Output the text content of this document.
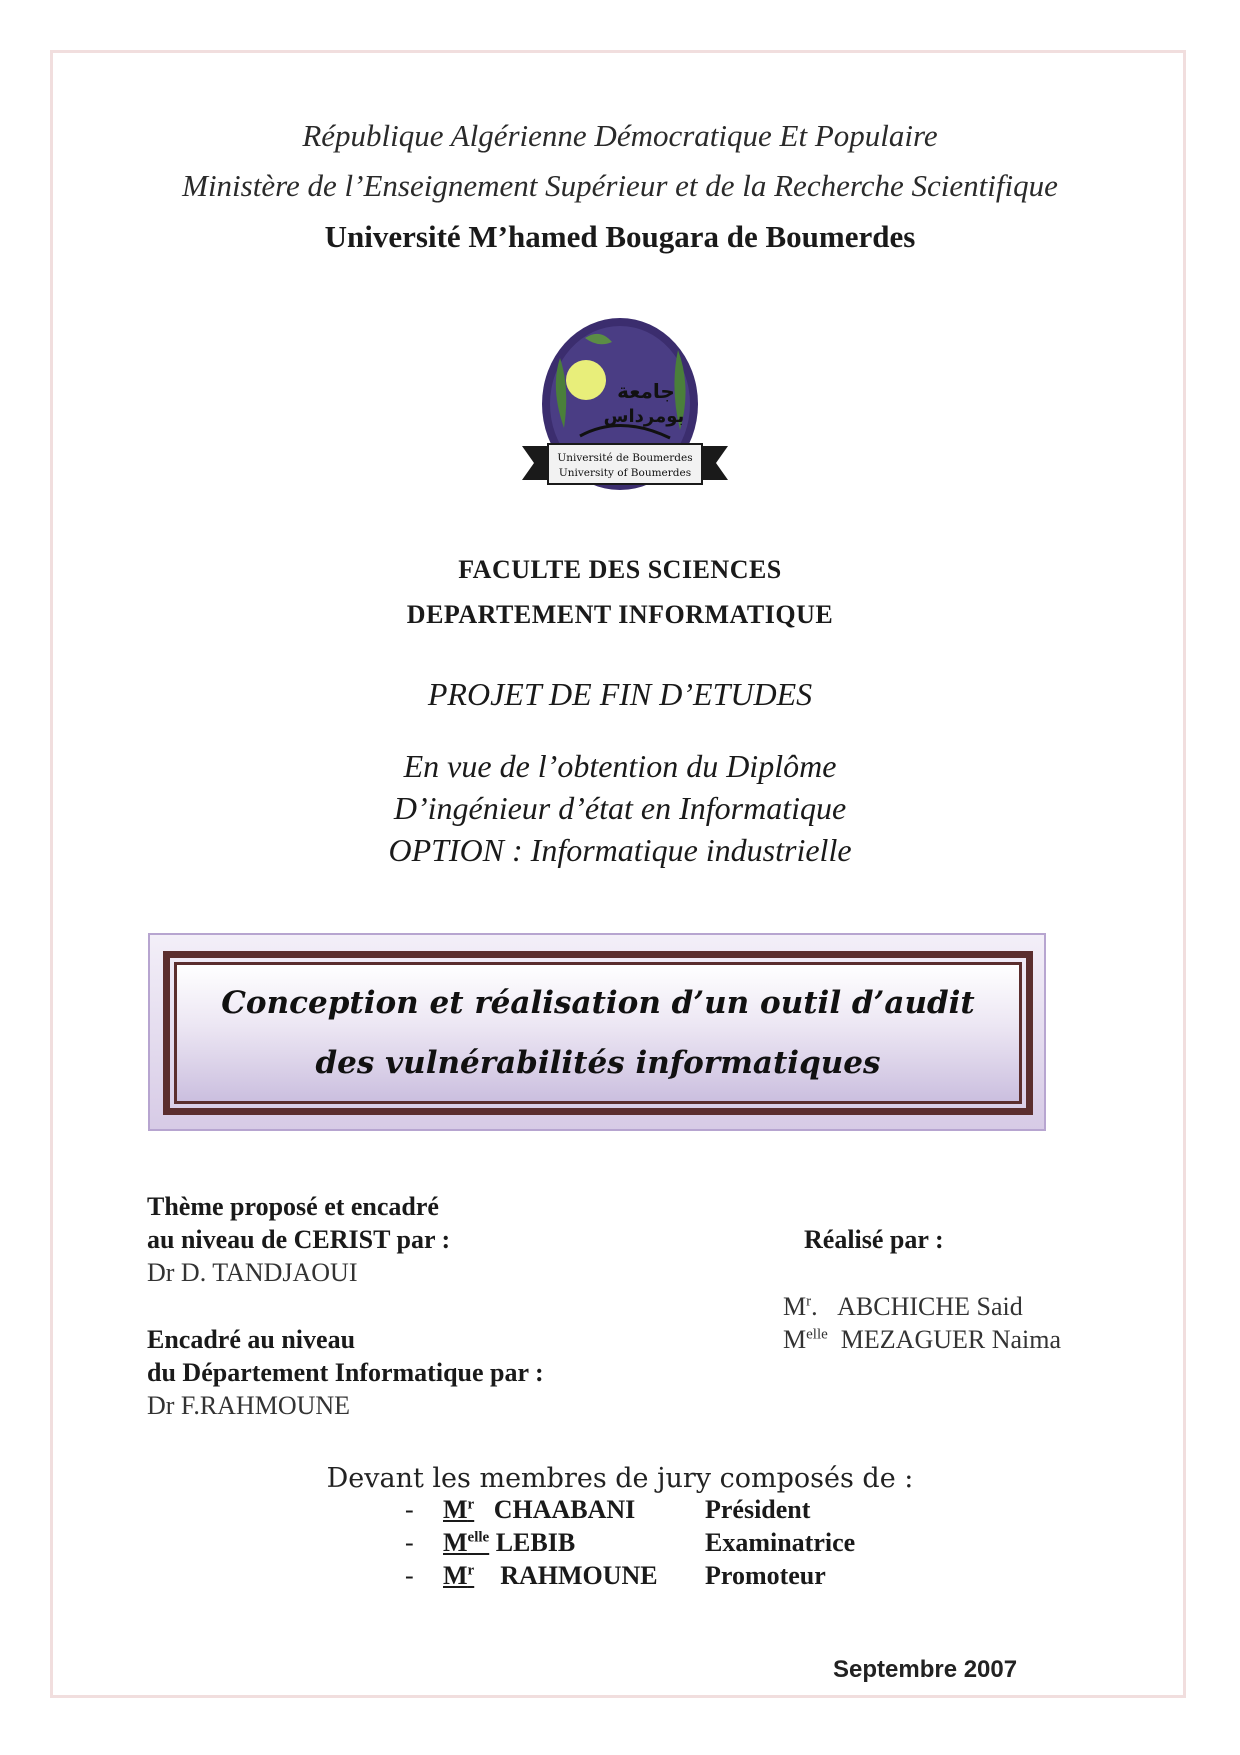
République Algérienne Démocratique Et Populaire
Ministère de l’Enseignement Supérieur et de la Recherche Scientifique
Université M’hamed Bougara de Boumerdes
جامعة
بومرداس
Université de Boumerdes
University of Boumerdes
FACULTE DES SCIENCES
DEPARTEMENT INFORMATIQUE
PROJET DE FIN D’ETUDES
En vue de l’obtention du Diplôme
D’ingénieur d’état en Informatique
OPTION : Informatique industrielle
Conception et réalisation d’un outil d’audit
des vulnérabilités informatiques
Thème proposé et encadré
au niveau de CERIST par :
Dr D. TANDJAOUI
Encadré au niveau
du Département Informatique par :
Dr F.RAHMOUNE
Réalisé par :
$M^r$.   ABCHICHE Said
$M^{elle}$ MEZAGUER Naima
Devant les membres de jury composés de :
- $M^r$ CHAABANI	Président
- $M^{elle}$ LEBIB	Examinatrice
- $M^r$ RAHMOUNE Promoteur
Septembre 2007
